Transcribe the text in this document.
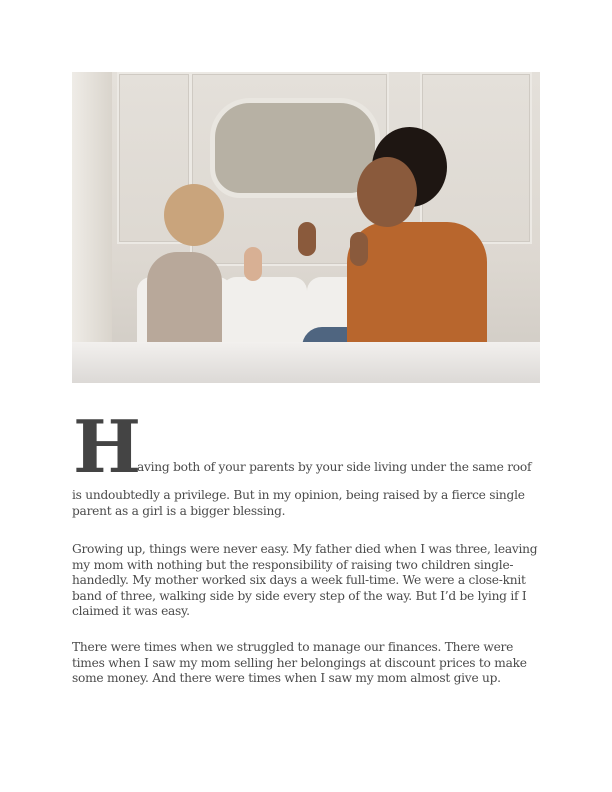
H
aving both of your parents by your side living under the same roof
is undoubtedly a privilege. But in my opinion, being raised by a fierce single
parent as a girl is a bigger blessing.
Growing up, things were never easy. My father died when I was three, leaving
my mom with nothing but the responsibility of raising two children single-
handedly. My mother worked six days a week full-time. We were a close-knit
band of three, walking side by side every step of the way. But I’d be lying if I
claimed it was easy.
There were times when we struggled to manage our finances. There were
times when I saw my mom selling her belongings at discount prices to make
some money. And there were times when I saw my mom almost give up.
